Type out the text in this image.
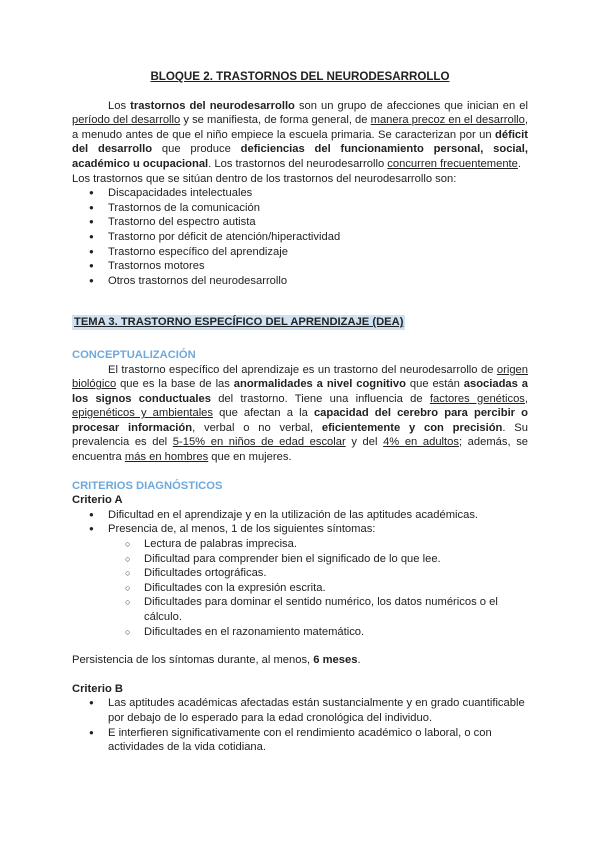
BLOQUE 2. TRASTORNOS DEL NEURODESARROLLO

Los trastornos del neurodesarrollo son un grupo de afecciones que inician en el período del desarrollo y se manifiesta, de forma general, de manera precoz en el desarrollo, a menudo antes de que el niño empiece la escuela primaria. Se caracterizan por un déficit del desarrollo que produce deficiencias del funcionamiento personal, social, académico u ocupacional. Los trastornos del neurodesarrollo concurren frecuentemente.

Los trastornos que se sitúan dentro de los trastornos del neurodesarrollo son:

● Discapacidades intelectuales
● Trastornos de la comunicación
● Trastorno del espectro autista
● Trastorno por déficit de atención/hiperactividad
● Trastorno específico del aprendizaje
● Trastornos motores
● Otros trastornos del neurodesarrollo
TEMA 3. TRASTORNO ESPECÍFICO DEL APRENDIZAJE (DEA)

CONCEPTUALIZACIÓN

El trastorno específico del aprendizaje es un trastorno del neurodesarrollo de origen biológico que es la base de las anormalidades a nivel cognitivo que están asociadas a los signos conductuales del trastorno. Tiene una influencia de factores genéticos, epigenéticos y ambientales que afectan a la capacidad del cerebro para percibir o procesar información, verbal o no verbal, eficientemente y con precisión. Su prevalencia es del 5-15% en niños de edad escolar y del 4% en adultos; además, se encuentra más en hombres que en mujeres.

CRITERIOS DIAGNÓSTICOS

Criterio A

● Dificultad en el aprendizaje y en la utilización de las aptitudes académicas.
● Presencia de, al menos, 1 de los siguientes síntomas:
○ Lectura de palabras imprecisa.
○ Dificultad para comprender bien el significado de lo que lee.
○ Dificultades ortográficas.
○ Dificultades con la expresión escrita.
○ Dificultades para dominar el sentido numérico, los datos numéricos o el cálculo.
○ Dificultades en el razonamiento matemático.

Persistencia de los síntomas durante, al menos, 6 meses.

Criterio B

● Las aptitudes académicas afectadas están sustancialmente y en grado cuantificable por debajo de lo esperado para la edad cronológica del individuo.
● E interfieren significativamente con el rendimiento académico o laboral, o con actividades de la vida cotidiana.
